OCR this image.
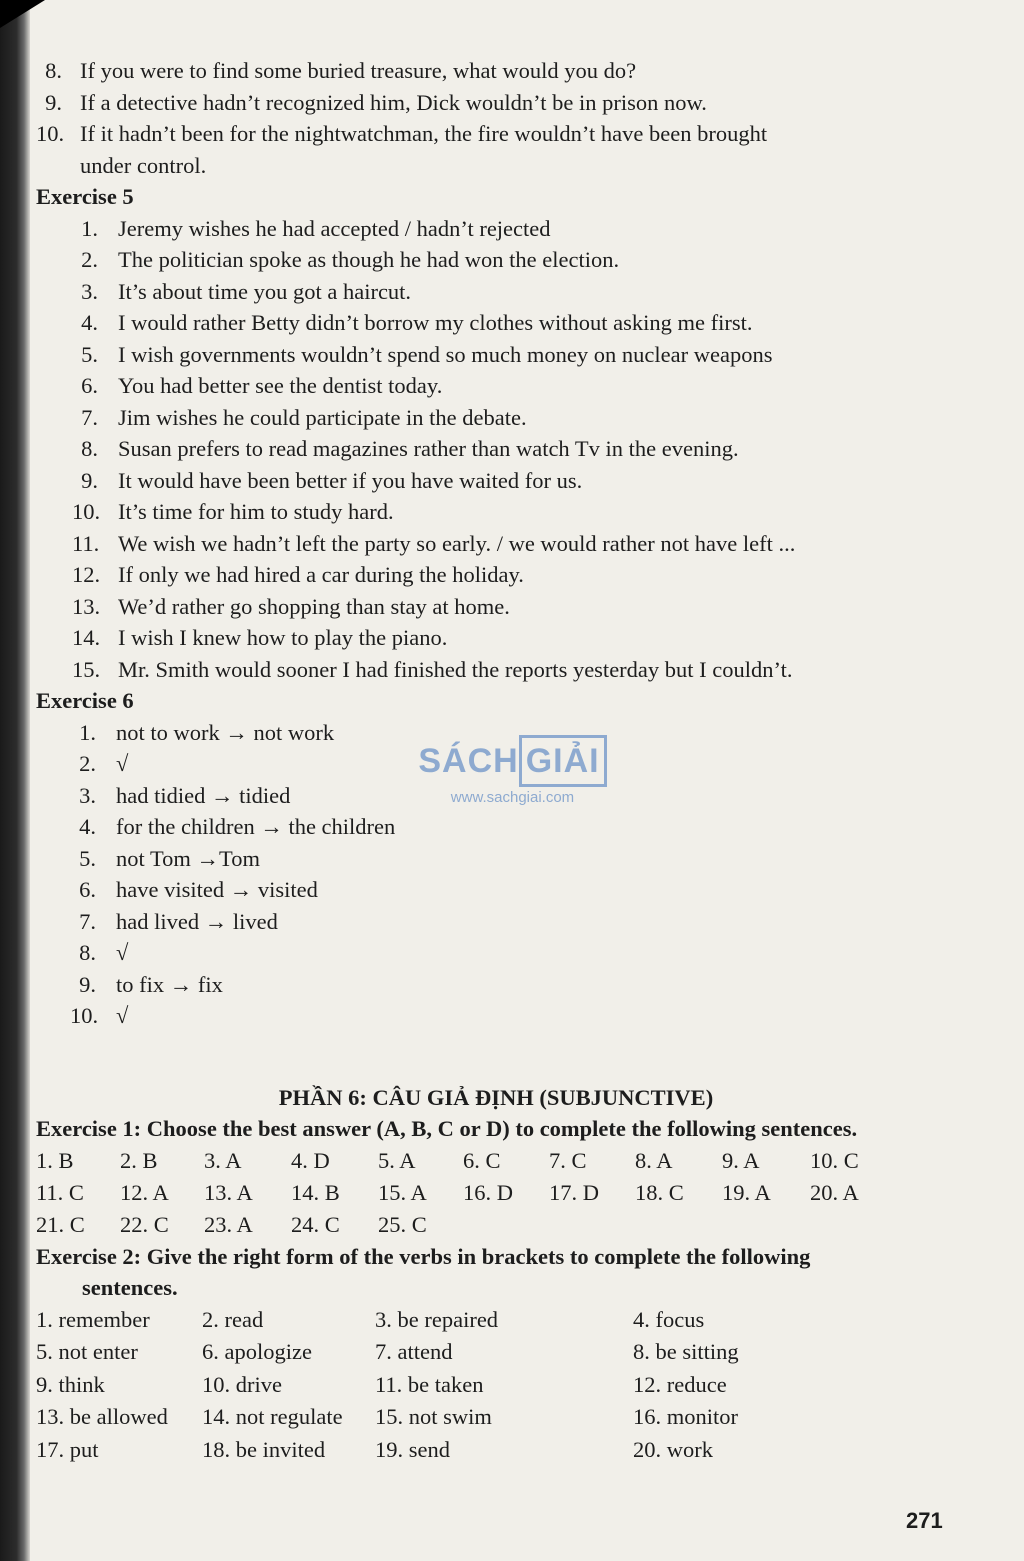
8. If you were to find some buried treasure, what would you do?
9. If a detective hadn’t recognized him, Dick wouldn’t be in prison now.
10. If it hadn’t been for the nightwatchman, the fire wouldn’t have been brought
under control.
Exercise 5
1. Jeremy wishes he had accepted / hadn’t rejected
2. The politician spoke as though he had won the election.
3. It’s about time you got a haircut.
4. I would rather Betty didn’t borrow my clothes without asking me first.
5. I wish governments wouldn’t spend so much money on nuclear weapons
6. You had better see the dentist today.
7. Jim wishes he could participate in the debate.
8. Susan prefers to read magazines rather than watch Tv in the evening.
9. It would have been better if you have waited for us.
10. It’s time for him to study hard.
11. We wish we hadn’t left the party so early. / we would rather not have left ...
12. If only we had hired a car during the holiday.
13. We’d rather go shopping than stay at home.
14. I wish I knew how to play the piano.
15. Mr. Smith would sooner I had finished the reports yesterday but I couldn’t.
Exercise 6
1. not to work → not work
2. √
3. had tidied → tidied
4. for the children → the children
5. not Tom →Tom
6. have visited → visited
7. had lived → lived
8. √
9. to fix → fix
10. √
PHẦN 6: CÂU GIẢ ĐỊNH (SUBJUNCTIVE)
Exercise 1: Choose the best answer (A, B, C or D) to complete the following sentences.
1. B	2. B	3. A	4. D	5. A	6. C	7. C	8. A	9. A	10. C
11. C	12. A	13. A	14. B	15. A	16. D	17. D	18. C	19. A	20. A
21. C	22. C	23. A	24. C	25. C
Exercise 2: Give the right form of the verbs in brackets to complete the following
sentences.
1. remember	2. read	3. be repaired	4. focus
5. not enter	6. apologize	7. attend	8. be sitting
9. think	10. drive	11. be taken	12. reduce
13. be allowed	14. not regulate	15. not swim	16. monitor
17. put	18. be invited	19. send	20. work
SÁCH GIẢI
www.sachgiai.com
271
